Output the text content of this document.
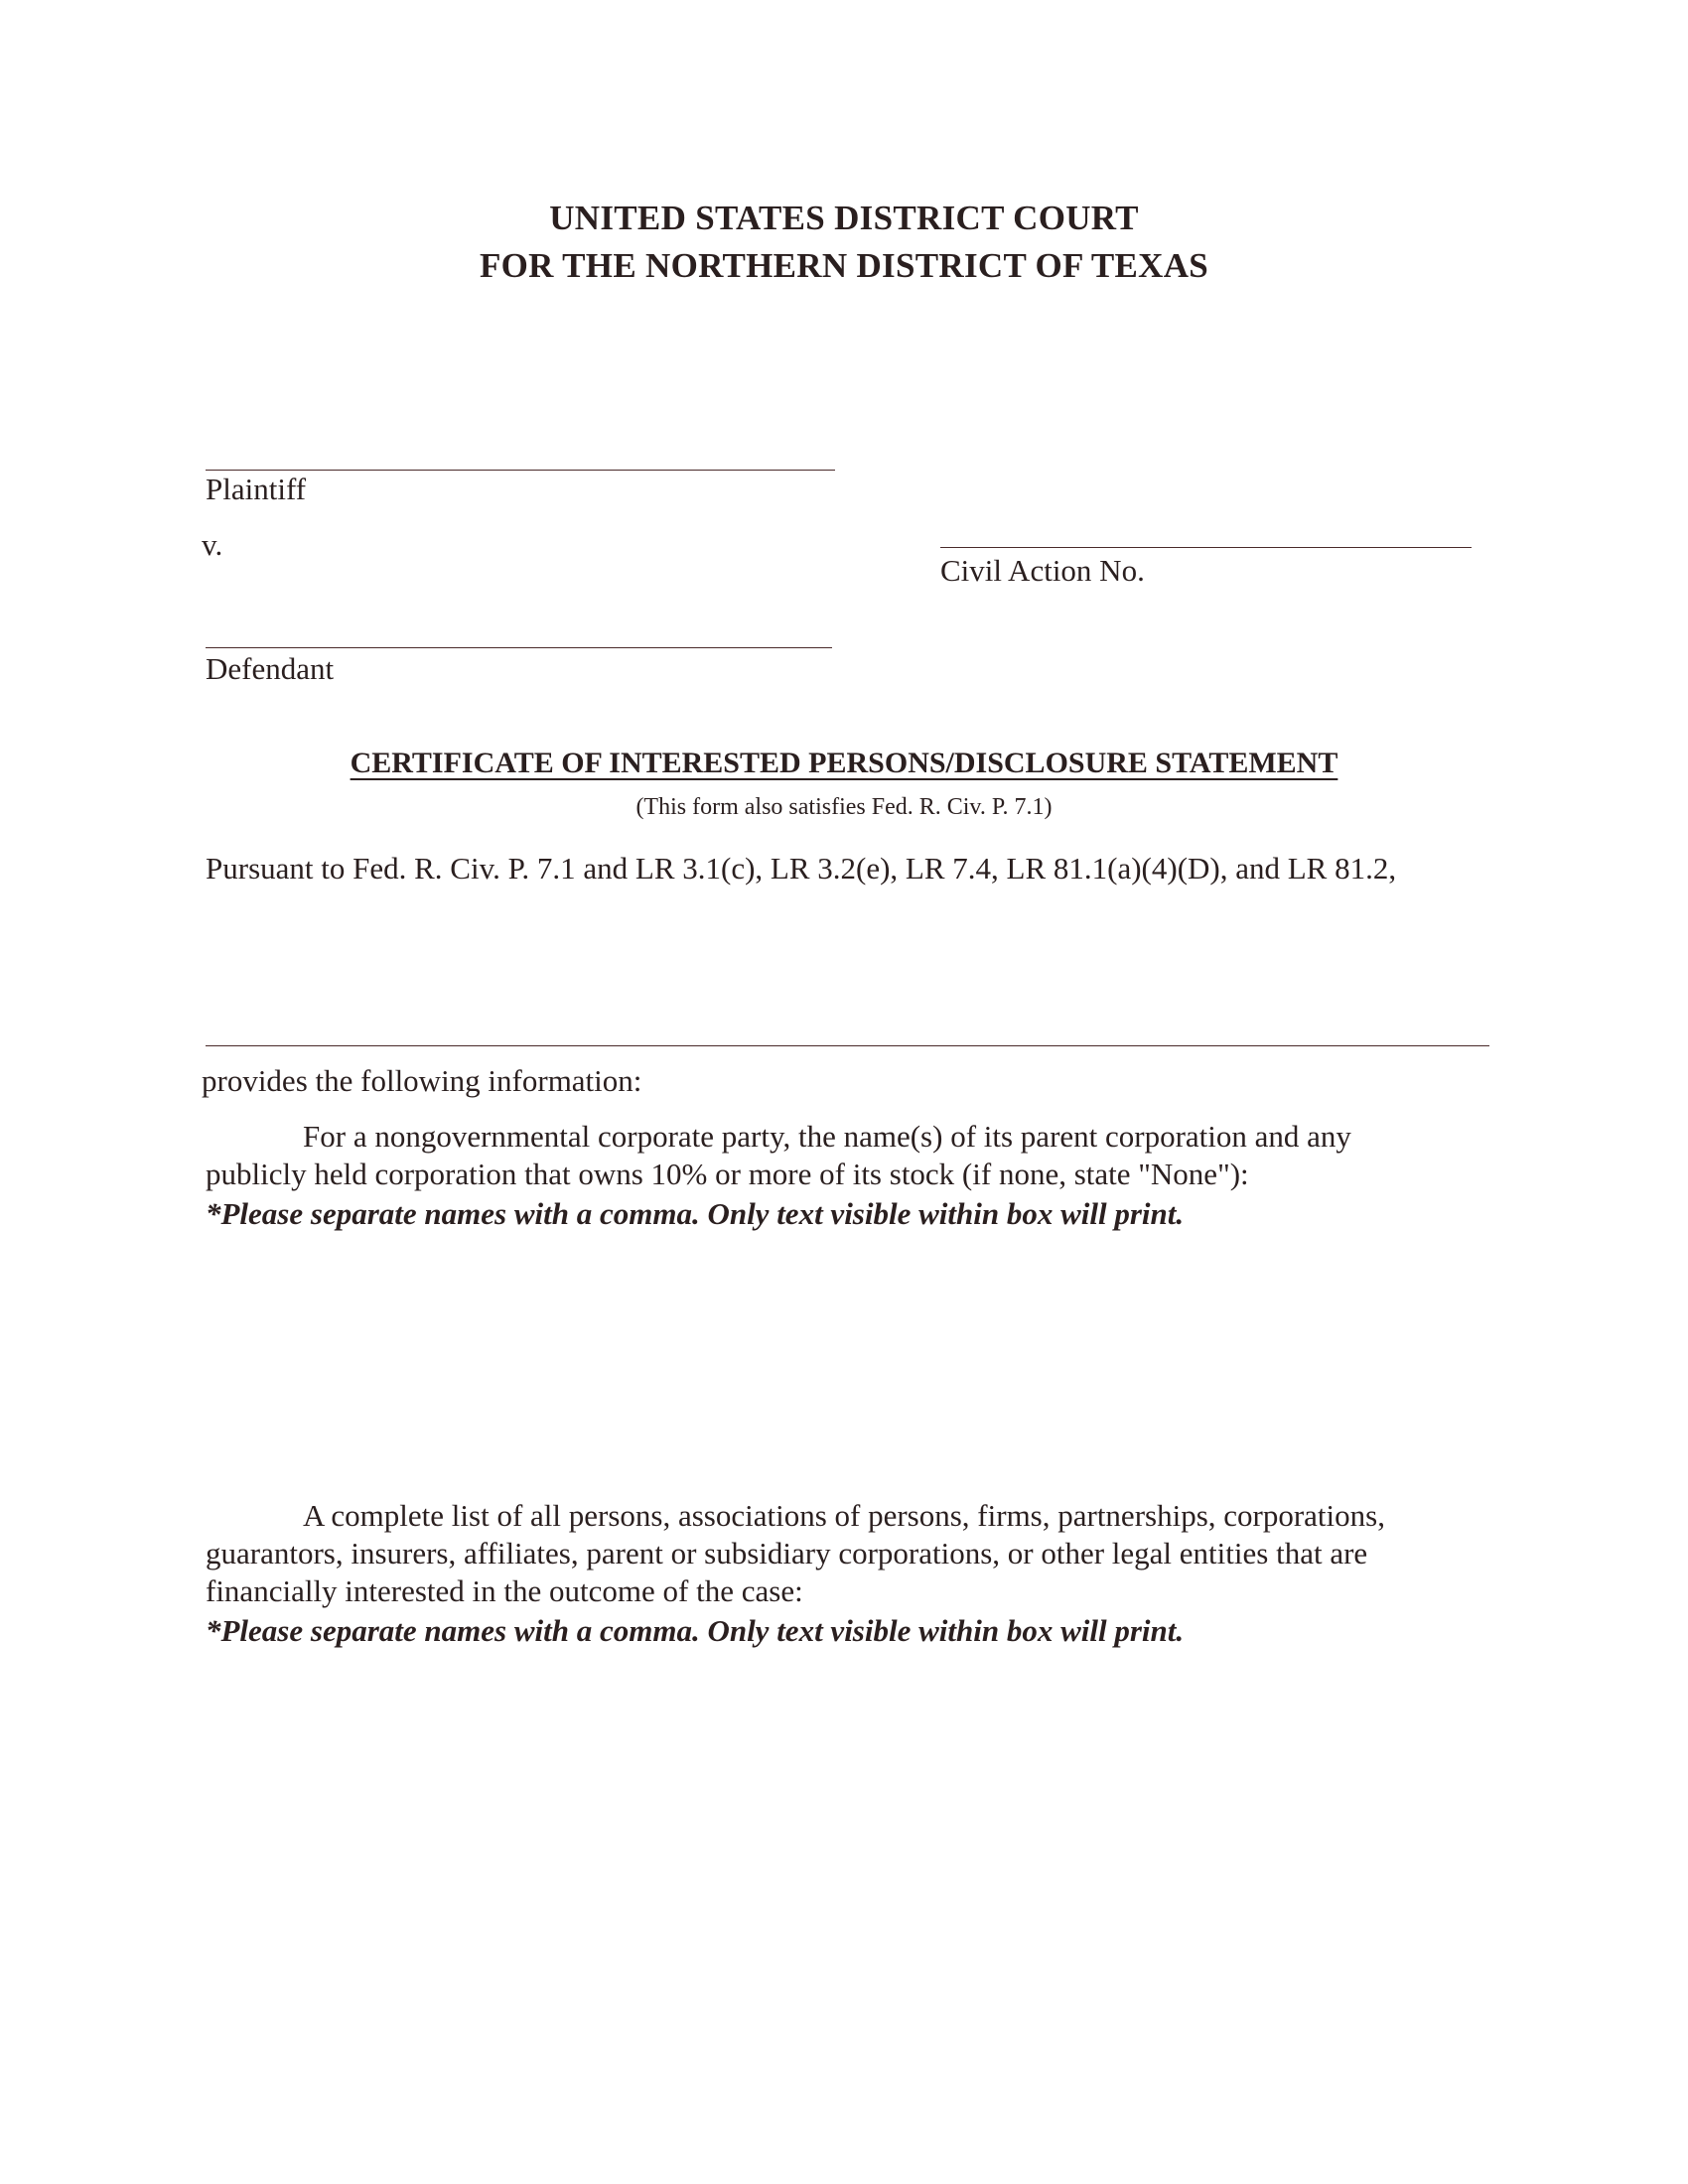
UNITED STATES DISTRICT COURT
FOR THE NORTHERN DISTRICT OF TEXAS
Plaintiff
v.
Civil Action No.
Defendant
CERTIFICATE OF INTERESTED PERSONS/DISCLOSURE STATEMENT
(This form also satisfies Fed. R. Civ. P. 7.1)
Pursuant to Fed. R. Civ. P. 7.1 and LR 3.1(c), LR 3.2(e), LR 7.4, LR 81.1(a)(4)(D), and LR 81.2,
provides the following information:
For a nongovernmental corporate party, the name(s) of its parent corporation and any
publicly held corporation that owns 10% or more of its stock (if none, state "None"):
*Please separate names with a comma. Only text visible within box will print.
A complete list of all persons, associations of persons, firms, partnerships, corporations,
guarantors, insurers, affiliates, parent or subsidiary corporations, or other legal entities that are
financially interested in the outcome of the case:
*Please separate names with a comma. Only text visible within box will print.
